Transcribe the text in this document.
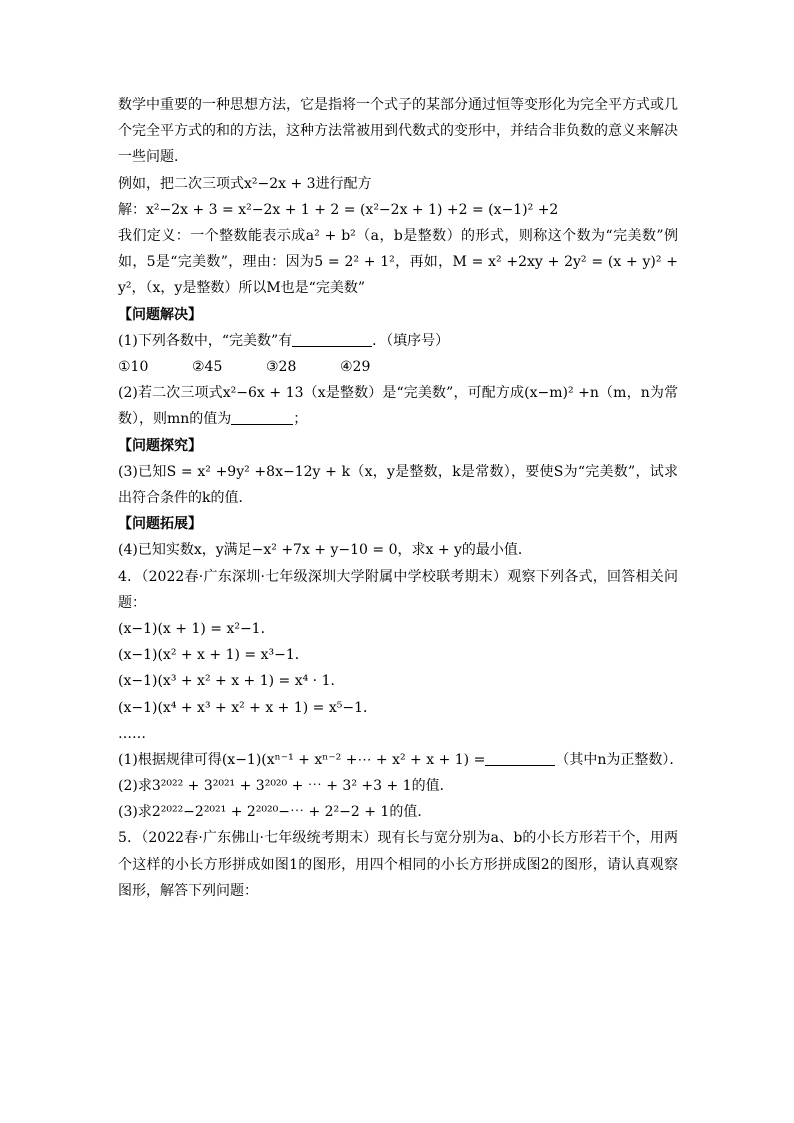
数学中重要的一种思想方法，它是指将一个式子的某部分通过恒等变形化为完全平方式或几个完全平方式的和的方法，这种方法常被用到代数式的变形中，并结合非负数的意义来解决一些问题．
例如，把二次三项式x²−2x + 3进行配方
解：x²−2x + 3 = x²−2x + 1 + 2 = (x²−2x + 1) +2 = (x−1)² +2
我们定义：一个整数能表示成a² + b²（a，b是整数）的形式，则称这个数为“完美数”例如，5是“完美数”，理由：因为5 = 2² + 1²，再如，M = x² +2xy + 2y² = (x + y)² + y²，（x，y是整数）所以M也是“完美数”
【问题解决】
(1)下列各数中，“完美数”有	．（填序号）
①10	②45	③28	④29
(2)若二次三项式x²−6x + 13（x是整数）是“完美数”，可配方成(x−m)² +n（m，n为常数），则mn的值为	；
【问题探究】
(3)已知S = x² +9y² +8x−12y + k（x，y是整数，k是常数），要使S为“完美数”，试求出符合条件的k的值．
【问题拓展】
(4)已知实数x，y满足−x² +7x + y−10 = 0，求x + y的最小值．
4．（2022春·广东深圳·七年级深圳大学附属中学校联考期末）观察下列各式，回答相关问题：
(x−1)(x + 1) = x²−1．
(x−1)(x² + x + 1) = x³−1．
(x−1)(x³ + x² + x + 1) = x⁴ · 1．
(x−1)(x⁴ + x³ + x² + x + 1) = x⁵−1．
……
(1)根据规律可得(x−1)(xⁿ⁻¹ + xⁿ⁻² +⋯ + x² + x + 1) =	（其中n为正整数）．
(2)求3²⁰²² + 3²⁰²¹ + 3²⁰²⁰ + ⋯ + 3² +3 + 1的值．
(3)求2²⁰²²−2²⁰²¹ + 2²⁰²⁰−⋯ + 2²−2 + 1的值．
5．（2022春·广东佛山·七年级统考期末）现有长与宽分别为a、b的小长方形若干个，用两个这样的小长方形拼成如图1的图形，用四个相同的小长方形拼成图2的图形，请认真观察图形，解答下列问题：
